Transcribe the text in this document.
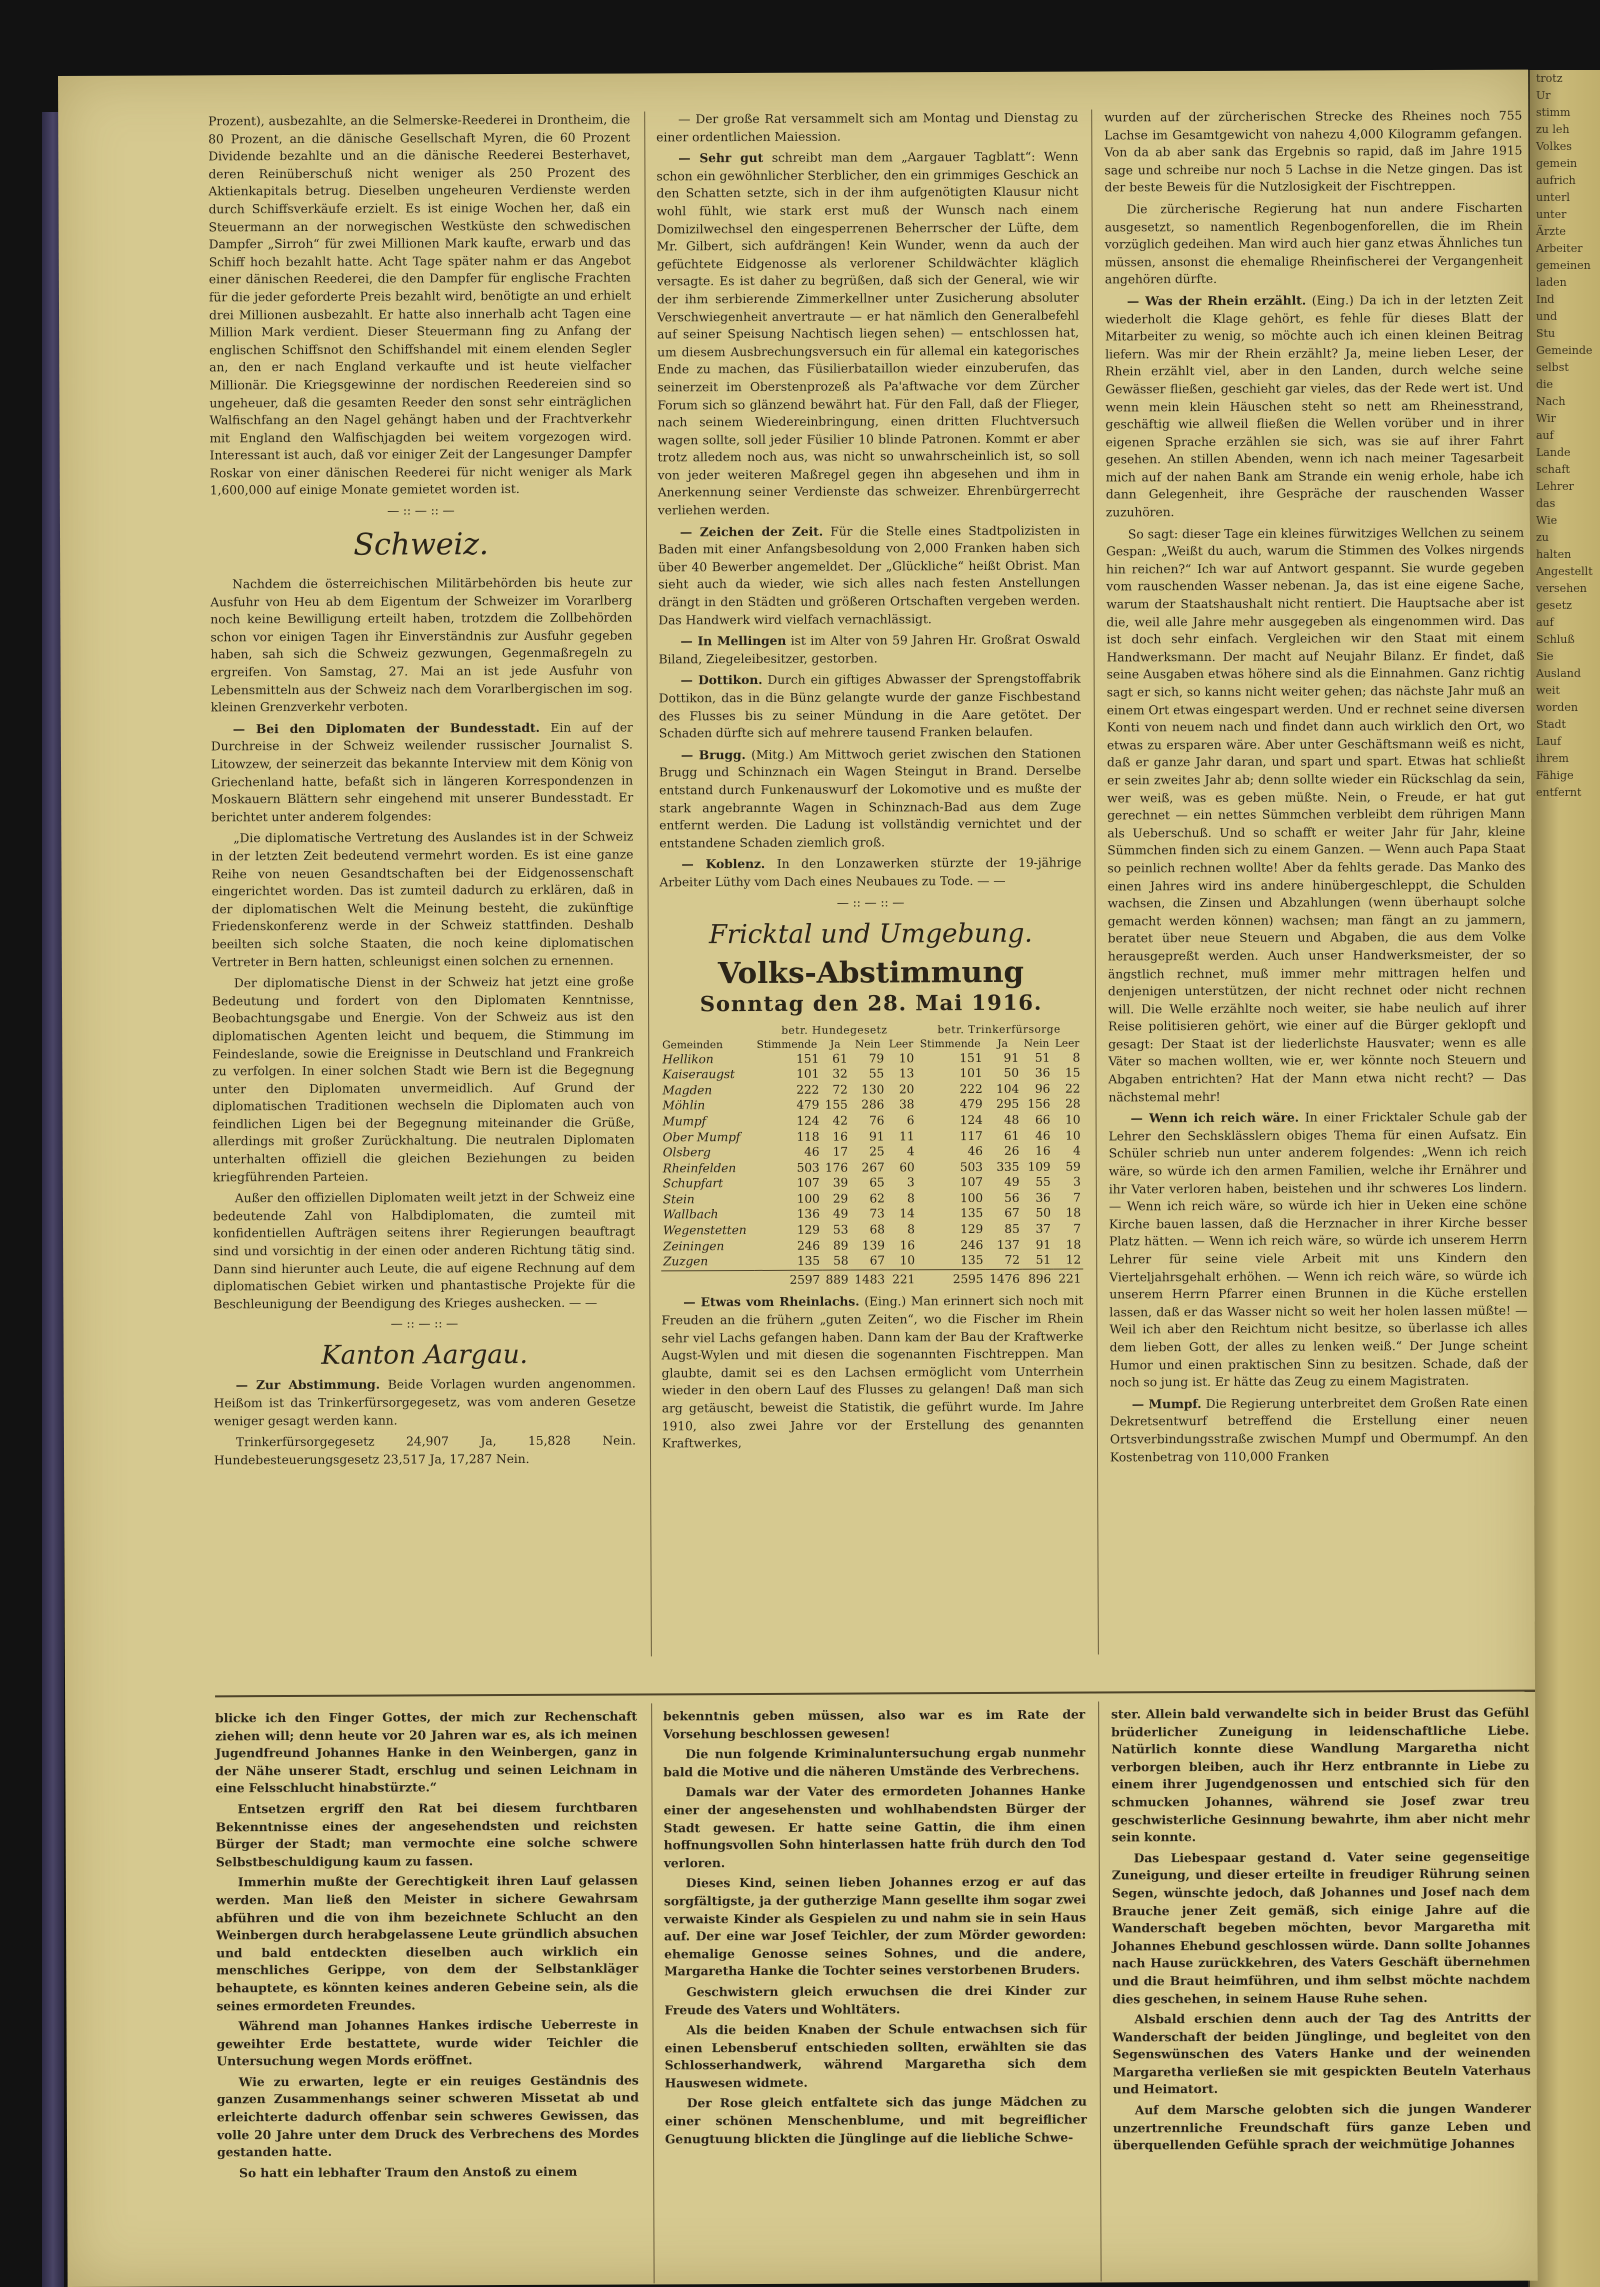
trotz
Ur
stimm
zu leh
Volkes
gemein
aufrich
unterl
unter
Ärzte
Arbeiter
gemeinen
laden
Ind
und
Stu
Gemeinde
selbst
die
Nach
Wir
auf
Lande
schaft
Lehrer
das
Wie
zu
halten
Angestellt
versehen
gesetz
auf
Schluß
Sie
Ausland
weit
worden
Stadt
Lauf
ihrem
Fähige
entfernt

Prozent), ausbezahlte, an die Selmerske-Reederei in Drontheim, die 80 Prozent, an die dänische Gesellschaft Myren, die 60 Prozent Dividende bezahlte und an die dänische Reederei Besterhavet, deren Reinüberschuß nicht weniger als 250 Prozent des Aktienkapitals betrug. Dieselben ungeheuren Verdienste werden durch Schiffsverkäufe erzielt. Es ist einige Wochen her, daß ein Steuermann an der norwegischen Westküste den schwedischen Dampfer „Sirroh“ für zwei Millionen Mark kaufte, erwarb und das Schiff hoch bezahlt hatte. Acht Tage später nahm er das Angebot einer dänischen Reederei, die den Dampfer für englische Frachten für die jeder geforderte Preis bezahlt wird, benötigte an und erhielt drei Millionen ausbezahlt. Er hatte also innerhalb acht Tagen eine Million Mark verdient. Dieser Steuermann fing zu Anfang der englischen Schiffsnot den Schiffshandel mit einem elenden Segler an, den er nach England verkaufte und ist heute vielfacher Millionär. Die Kriegsgewinne der nordischen Reedereien sind so ungeheuer, daß die gesamten Reeder den sonst sehr einträglichen Walfischfang an den Nagel gehängt haben und der Frachtverkehr mit England den Walfischjagden bei weitem vorgezogen wird. Interessant ist auch, daß vor einiger Zeit der Langesunger Dampfer Roskar von einer dänischen Reederei für nicht weniger als Mark 1,600,000 auf einige Monate gemietet worden ist.

— :: — :: —
Schweiz.

Nachdem die österreichischen Militärbehörden bis heute zur Ausfuhr von Heu ab dem Eigentum der Schweizer im Vorarlberg noch keine Bewilligung erteilt haben, trotzdem die Zollbehörden schon vor einigen Tagen ihr Einverständnis zur Ausfuhr gegeben haben, sah sich die Schweiz gezwungen, Gegenmaßregeln zu ergreifen. Von Samstag, 27. Mai an ist jede Ausfuhr von Lebensmitteln aus der Schweiz nach dem Vorarlbergischen im sog. kleinen Grenzverkehr verboten.

— Bei den Diplomaten der Bundesstadt. Ein auf der Durchreise in der Schweiz weilender russischer Journalist S. Litowzew, der seinerzeit das bekannte Interview mit dem König von Griechenland hatte, befaßt sich in längeren Korrespondenzen in Moskauern Blättern sehr eingehend mit unserer Bundesstadt. Er berichtet unter anderem folgendes:

„Die diplomatische Vertretung des Auslandes ist in der Schweiz in der letzten Zeit bedeutend vermehrt worden. Es ist eine ganze Reihe von neuen Gesandtschaften bei der Eidgenossenschaft eingerichtet worden. Das ist zumteil dadurch zu erklären, daß in der diplomatischen Welt die Meinung besteht, die zukünftige Friedenskonferenz werde in der Schweiz stattfinden. Deshalb beeilten sich solche Staaten, die noch keine diplomatischen Vertreter in Bern hatten, schleunigst einen solchen zu ernennen.

Der diplomatische Dienst in der Schweiz hat jetzt eine große Bedeutung und fordert von den Diplomaten Kenntnisse, Beobachtungsgabe und Energie. Von der Schweiz aus ist den diplomatischen Agenten leicht und bequem, die Stimmung im Feindeslande, sowie die Ereignisse in Deutschland und Frankreich zu verfolgen. In einer solchen Stadt wie Bern ist die Begegnung unter den Diplomaten unvermeidlich. Auf Grund der diplomatischen Traditionen wechseln die Diplomaten auch von feindlichen Ligen bei der Begegnung miteinander die Grüße, allerdings mit großer Zurückhaltung. Die neutralen Diplomaten unterhalten offiziell die gleichen Beziehungen zu beiden kriegführenden Parteien.

Außer den offiziellen Diplomaten weilt jetzt in der Schweiz eine bedeutende Zahl von Halbdiplomaten, die zumteil mit konfidentiellen Aufträgen seitens ihrer Regierungen beauftragt sind und vorsichtig in der einen oder anderen Richtung tätig sind. Dann sind hierunter auch Leute, die auf eigene Rechnung auf dem diplomatischen Gebiet wirken und phantastische Projekte für die Beschleunigung der Beendigung des Krieges aushecken. — —

— :: — :: —
Kanton Aargau.

— Zur Abstimmung. Beide Vorlagen wurden angenommen. Heißom ist das Trinkerfürsorgegesetz, was vom anderen Gesetze weniger gesagt werden kann.

Trinkerfürsorgegesetz 24,907 Ja, 15,828 Nein. Hundebesteuerungsgesetz 23,517 Ja, 17,287 Nein.

— Der große Rat versammelt sich am Montag und Dienstag zu einer ordentlichen Maiession.

— Sehr gut schreibt man dem „Aargauer Tagblatt“: Wenn schon ein gewöhnlicher Sterblicher, den ein grimmiges Geschick an den Schatten setzte, sich in der ihm aufgenötigten Klausur nicht wohl fühlt, wie stark erst muß der Wunsch nach einem Domizilwechsel den eingesperrenen Beherrscher der Lüfte, dem Mr. Gilbert, sich aufdrängen! Kein Wunder, wenn da auch der gefüchtete Eidgenosse als verlorener Schildwächter kläglich versagte. Es ist daher zu begrüßen, daß sich der General, wie wir der ihm serbierende Zimmerkellner unter Zusicherung absoluter Verschwiegenheit anvertraute — er hat nämlich den Generalbefehl auf seiner Speisung Nachtisch liegen sehen) — entschlossen hat, um diesem Ausbrechungsversuch ein für allemal ein kategorisches Ende zu machen, das Füsilierbataillon wieder einzuberufen, das seinerzeit im Oberstenprozeß als Pa'aftwache vor dem Zürcher Forum sich so glänzend bewährt hat. Für den Fall, daß der Flieger, nach seinem Wiedereinbringung, einen dritten Fluchtversuch wagen sollte, soll jeder Füsilier 10 blinde Patronen. Kommt er aber trotz alledem noch aus, was nicht so unwahrscheinlich ist, so soll von jeder weiteren Maßregel gegen ihn abgesehen und ihm in Anerkennung seiner Verdienste das schweizer. Ehrenbürgerrecht verliehen werden.

— Zeichen der Zeit. Für die Stelle eines Stadtpolizisten in Baden mit einer Anfangsbesoldung von 2,000 Franken haben sich über 40 Bewerber angemeldet. Der „Glückliche“ heißt Obrist. Man sieht auch da wieder, wie sich alles nach festen Anstellungen drängt in den Städten und größeren Ortschaften vergeben werden. Das Handwerk wird vielfach vernachlässigt.

— In Mellingen ist im Alter von 59 Jahren Hr. Großrat Oswald Biland, Ziegeleibesitzer, gestorben.

— Dottikon. Durch ein giftiges Abwasser der Sprengstoffabrik Dottikon, das in die Bünz gelangte wurde der ganze Fischbestand des Flusses bis zu seiner Mündung in die Aare getötet. Der Schaden dürfte sich auf mehrere tausend Franken belaufen.

— Brugg. (Mitg.) Am Mittwoch geriet zwischen den Stationen Brugg und Schinznach ein Wagen Steingut in Brand. Derselbe entstand durch Funkenauswurf der Lokomotive und es mußte der stark angebrannte Wagen in Schinznach-Bad aus dem Zuge entfernt werden. Die Ladung ist vollständig vernichtet und der entstandene Schaden ziemlich groß.

— Koblenz. In den Lonzawerken stürzte der 19-jährige Arbeiter Lüthy vom Dach eines Neubaues zu Tode. — —

— :: — :: —
Fricktal und Umgebung.
Volks-Abstimmung
Sonntag den 28. Mai 1916.
	betr. Hundegesetz				betr. Trinkerfürsorge			
Gemeinden	Stimmende	Ja	Nein	Leer	Stimmende	Ja	Nein	Leer
Hellikon	151	61	79	10	151	91	51	8
Kaiseraugst	101	32	55	13	101	50	36	15
Magden	222	72	130	20	222	104	96	22
Möhlin	479	155	286	38	479	295	156	28
Mumpf	124	42	76	6	124	48	66	10
Ober Mumpf	118	16	91	11	117	61	46	10
Olsberg	46	17	25	4	46	26	16	4
Rheinfelden	503	176	267	60	503	335	109	59
Schupfart	107	39	65	3	107	49	55	3
Stein	100	29	62	8	100	56	36	7
Wallbach	136	49	73	14	135	67	50	18
Wegenstetten	129	53	68	8	129	85	37	7
Zeiningen	246	89	139	16	246	137	91	18
Zuzgen	135	58	67	10	135	72	51	12
	2597	889	1483	221	2595	1476	896	221

— Etwas vom Rheinlachs. (Eing.) Man erinnert sich noch mit Freuden an die frühern „guten Zeiten“, wo die Fischer im Rhein sehr viel Lachs gefangen haben. Dann kam der Bau der Kraftwerke Augst-Wylen und mit diesen die sogenannten Fischtreppen. Man glaubte, damit sei es den Lachsen ermöglicht vom Unterrhein wieder in den obern Lauf des Flusses zu gelangen! Daß man sich arg getäuscht, beweist die Statistik, die geführt wurde. Im Jahre 1910, also zwei Jahre vor der Erstellung des genannten Kraftwerkes,

wurden auf der zürcherischen Strecke des Rheines noch 755 Lachse im Gesamtgewicht von nahezu 4,000 Kilogramm gefangen. Von da ab aber sank das Ergebnis so rapid, daß im Jahre 1915 sage und schreibe nur noch 5 Lachse in die Netze gingen. Das ist der beste Beweis für die Nutzlosigkeit der Fischtreppen.

Die zürcherische Regierung hat nun andere Fischarten ausgesetzt, so namentlich Regenbogenforellen, die im Rhein vorzüglich gedeihen. Man wird auch hier ganz etwas Ähnliches tun müssen, ansonst die ehemalige Rheinfischerei der Vergangenheit angehören dürfte.

— Was der Rhein erzählt. (Eing.) Da ich in der letzten Zeit wiederholt die Klage gehört, es fehle für dieses Blatt der Mitarbeiter zu wenig, so möchte auch ich einen kleinen Beitrag liefern. Was mir der Rhein erzählt? Ja, meine lieben Leser, der Rhein erzählt viel, aber in den Landen, durch welche seine Gewässer fließen, geschieht gar vieles, das der Rede wert ist. Und wenn mein klein Häuschen steht so nett am Rheinesstrand, geschäftig wie allweil fließen die Wellen vorüber und in ihrer eigenen Sprache erzählen sie sich, was sie auf ihrer Fahrt gesehen. An stillen Abenden, wenn ich nach meiner Tagesarbeit mich auf der nahen Bank am Strande ein wenig erhole, habe ich dann Gelegenheit, ihre Gespräche der rauschenden Wasser zuzuhören.

So sagt: dieser Tage ein kleines fürwitziges Wellchen zu seinem Gespan: „Weißt du auch, warum die Stimmen des Volkes nirgends hin reichen?“ Ich war auf Antwort gespannt. Sie wurde gegeben vom rauschenden Wasser nebenan. Ja, das ist eine eigene Sache, warum der Staatshaushalt nicht rentiert. Die Hauptsache aber ist die, weil alle Jahre mehr ausgegeben als eingenommen wird. Das ist doch sehr einfach. Vergleichen wir den Staat mit einem Handwerksmann. Der macht auf Neujahr Bilanz. Er findet, daß seine Ausgaben etwas höhere sind als die Einnahmen. Ganz richtig sagt er sich, so kanns nicht weiter gehen; das nächste Jahr muß an einem Ort etwas eingespart werden. Und er rechnet seine diversen Konti von neuem nach und findet dann auch wirklich den Ort, wo etwas zu ersparen wäre. Aber unter Geschäftsmann weiß es nicht, daß er ganze Jahr daran, und spart und spart. Etwas hat schließt er sein zweites Jahr ab; denn sollte wieder ein Rückschlag da sein, wer weiß, was es geben müßte. Nein, o Freude, er hat gut gerechnet — ein nettes Sümmchen verbleibt dem rührigen Mann als Ueberschuß. Und so schafft er weiter Jahr für Jahr, kleine Sümmchen finden sich zu einem Ganzen. — Wenn auch Papa Staat so peinlich rechnen wollte! Aber da fehlts gerade. Das Manko des einen Jahres wird ins andere hinübergeschleppt, die Schulden wachsen, die Zinsen und Abzahlungen (wenn überhaupt solche gemacht werden können) wachsen; man fängt an zu jammern, beratet über neue Steuern und Abgaben, die aus dem Volke herausgepreßt werden. Auch unser Handwerksmeister, der so ängstlich rechnet, muß immer mehr mittragen helfen und denjenigen unterstützen, der nicht rechnet oder nicht rechnen will. Die Welle erzählte noch weiter, sie habe neulich auf ihrer Reise politisieren gehört, wie einer auf die Bürger geklopft und gesagt: Der Staat ist der liederlichste Hausvater; wenn es alle Väter so machen wollten, wie er, wer könnte noch Steuern und Abgaben entrichten? Hat der Mann etwa nicht recht? — Das nächstemal mehr!

— Wenn ich reich wäre. In einer Fricktaler Schule gab der Lehrer den Sechsklässlern obiges Thema für einen Aufsatz. Ein Schüler schrieb nun unter anderem folgendes: „Wenn ich reich wäre, so würde ich den armen Familien, welche ihr Ernährer und ihr Vater verloren haben, beistehen und ihr schweres Los lindern. — Wenn ich reich wäre, so würde ich hier in Ueken eine schöne Kirche bauen lassen, daß die Herznacher in ihrer Kirche besser Platz hätten. — Wenn ich reich wäre, so würde ich unserem Herrn Lehrer für seine viele Arbeit mit uns Kindern den Vierteljahrsgehalt erhöhen. — Wenn ich reich wäre, so würde ich unserem Herrn Pfarrer einen Brunnen in die Küche erstellen lassen, daß er das Wasser nicht so weit her holen lassen müßte! — Weil ich aber den Reichtum nicht besitze, so überlasse ich alles dem lieben Gott, der alles zu lenken weiß.“ Der Junge scheint Humor und einen praktischen Sinn zu besitzen. Schade, daß der noch so jung ist. Er hätte das Zeug zu einem Magistraten.

— Mumpf. Die Regierung unterbreitet dem Großen Rate einen Dekretsentwurf betreffend die Erstellung einer neuen Ortsverbindungsstraße zwischen Mumpf und Obermumpf. An den Kostenbetrag von 110,000 Franken

blicke ich den Finger Gottes, der mich zur Rechenschaft ziehen will; denn heute vor 20 Jahren war es, als ich meinen Jugendfreund Johannes Hanke in den Weinbergen, ganz in der Nähe unserer Stadt, erschlug und seinen Leichnam in eine Felsschlucht hinabstürzte.“

Entsetzen ergriff den Rat bei diesem furchtbaren Bekenntnisse eines der angesehendsten und reichsten Bürger der Stadt; man vermochte eine solche schwere Selbstbeschuldigung kaum zu fassen.

Immerhin mußte der Gerechtigkeit ihren Lauf gelassen werden. Man ließ den Meister in sichere Gewahrsam abführen und die von ihm bezeichnete Schlucht an den Weinbergen durch herabgelassene Leute gründlich absuchen und bald entdeckten dieselben auch wirklich ein menschliches Gerippe, von dem der Selbstankläger behauptete, es könnten keines anderen Gebeine sein, als die seines ermordeten Freundes.

Während man Johannes Hankes irdische Ueberreste in geweihter Erde bestattete, wurde wider Teichler die Untersuchung wegen Mords eröffnet.

Wie zu erwarten, legte er ein reuiges Geständnis des ganzen Zusammenhangs seiner schweren Missetat ab und erleichterte dadurch offenbar sein schweres Gewissen, das volle 20 Jahre unter dem Druck des Verbrechens des Mordes gestanden hatte.

So hatt ein lebhafter Traum den Anstoß zu einem

bekenntnis geben müssen, also war es im Rate der Vorsehung beschlossen gewesen!

Die nun folgende Kriminaluntersuchung ergab nunmehr bald die Motive und die näheren Umstände des Verbrechens.

Damals war der Vater des ermordeten Johannes Hanke einer der angesehensten und wohlhabendsten Bürger der Stadt gewesen. Er hatte seine Gattin, die ihm einen hoffnungsvollen Sohn hinterlassen hatte früh durch den Tod verloren.

Dieses Kind, seinen lieben Johannes erzog er auf das sorgfältigste, ja der gutherzige Mann gesellte ihm sogar zwei verwaiste Kinder als Gespielen zu und nahm sie in sein Haus auf. Der eine war Josef Teichler, der zum Mörder geworden: ehemalige Genosse seines Sohnes, und die andere, Margaretha Hanke die Tochter seines verstorbenen Bruders.

Geschwistern gleich erwuchsen die drei Kinder zur Freude des Vaters und Wohltäters.

Als die beiden Knaben der Schule entwachsen sich für einen Lebensberuf entschieden sollten, erwählten sie das Schlosserhandwerk, während Margaretha sich dem Hauswesen widmete.

Der Rose gleich entfaltete sich das junge Mädchen zu einer schönen Menschenblume, und mit begreiflicher Genugtuung blickten die Jünglinge auf die liebliche Schwe-

ster. Allein bald verwandelte sich in beider Brust das Gefühl brüderlicher Zuneigung in leidenschaftliche Liebe. Natürlich konnte diese Wandlung Margaretha nicht verborgen bleiben, auch ihr Herz entbrannte in Liebe zu einem ihrer Jugendgenossen und entschied sich für den schmucken Johannes, während sie Josef zwar treu geschwisterliche Gesinnung bewahrte, ihm aber nicht mehr sein konnte.

Das Liebespaar gestand d. Vater seine gegenseitige Zuneigung, und dieser erteilte in freudiger Rührung seinen Segen, wünschte jedoch, daß Johannes und Josef nach dem Brauche jener Zeit gemäß, sich einige Jahre auf die Wanderschaft begeben möchten, bevor Margaretha mit Johannes Ehebund geschlossen würde. Dann sollte Johannes nach Hause zurückkehren, des Vaters Geschäft übernehmen und die Braut heimführen, und ihm selbst möchte nachdem dies geschehen, in seinem Hause Ruhe sehen.

Alsbald erschien denn auch der Tag des Antritts der Wanderschaft der beiden Jünglinge, und begleitet von den Segenswünschen des Vaters Hanke und der weinenden Margaretha verließen sie mit gespickten Beuteln Vaterhaus und Heimatort.

Auf dem Marsche gelobten sich die jungen Wanderer unzertrennliche Freundschaft fürs ganze Leben und überquellenden Gefühle sprach der weichmütige Johannes
